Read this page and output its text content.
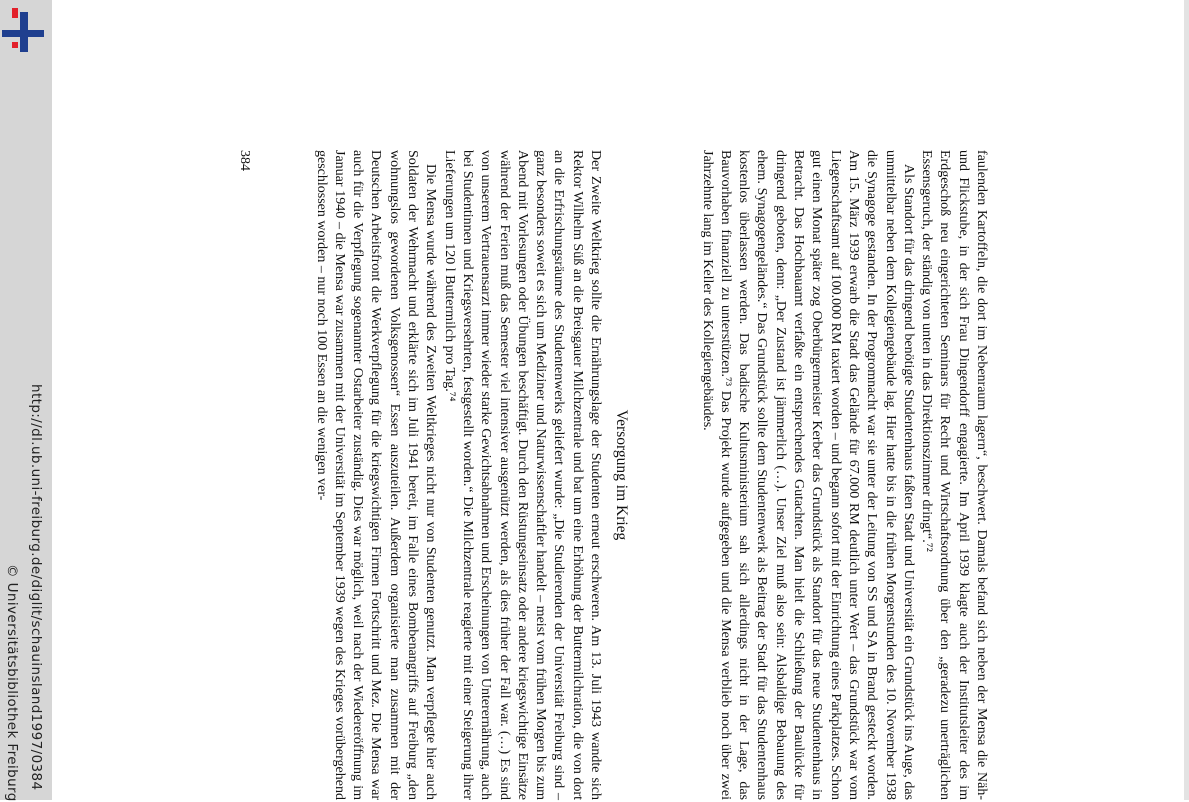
http://dl.ub.uni-freiburg.de/diglit/schauinsland1997/0384
© Universitätsbibliothek Freiburg	faulenden Kartoffeln, die dort im Nebenraum lagern“, beschwert. Damals befand sich neben der Mensa die Näh- und Flickstube, in der sich Frau Dingendorff engagierte. Im April 1939 klagte auch der Institutsleiter des im Erdgeschoß neu eingerichteten Seminars für Recht und Wirtschaftsordnung über den „geradezu unerträglichen Essensgeruch, der ständig von unten in das Direktionszimmer dringt“.⁷²

Als Standort für das dringend benötigte Studentenhaus faßten Stadt und Universität ein Grundstück ins Auge, das unmittelbar neben dem Kollegiengebäude lag. Hier hatte bis in die frühen Morgenstunden des 10. November 1938 die Synagoge gestanden. In der Progromnacht war sie unter der Leitung von SS und SA in Brand gesteckt worden. Am 15. März 1939 erwarb die Stadt das Gelände für 67.000 RM deutlich unter Wert – das Grundstück war vom Liegenschaftsamt auf 100.000 RM taxiert worden – und begann sofort mit der Einrichtung eines Parkplatzes. Schon gut einen Monat später zog Oberbürgermeister Kerber das Grundstück als Standort für das neue Studentenhaus in Betracht. Das Hochbauamt verfaßte ein entsprechendes Gutachten. Man hielt die Schließung der Baulücke für dringend geboten, denn: „Der Zustand ist jämmerlich (…). Unser Ziel muß also sein: Alsbaldige Bebauung des ehem. Synagogengeländes.“ Das Grundstück sollte dem Studentenwerk als Beitrag der Stadt für das Studentenhaus kostenlos überlassen werden. Das badische Kultusministerium sah sich allerdings nicht in der Lage, das Bauvorhaben finanziell zu unterstützen.⁷³ Das Projekt wurde aufgegeben und die Mensa verblieb noch über zwei Jahrzehnte lang im Keller des Kollegiengebäudes.

Versorgung im Krieg

Der Zweite Weltkrieg sollte die Ernährungslage der Studenten erneut erschweren. Am 13. Juli 1943 wandte sich Rektor Wilhelm Süß an die Breisgauer Milchzentrale und bat um eine Erhöhung der Buttermilchration, die von dort an die Erfrischungsräume des Studentenwerks geliefert wurde: „Die Studierenden der Universität Freiburg sind – ganz besonders soweit es sich um Mediziner und Naturwissenschaftler handelt – meist vom frühen Morgen bis zum Abend mit Vorlesungen oder Übungen beschäftigt. Durch den Rüstungseinsatz oder andere kriegswichtige Einsätze während der Ferien muß das Semester viel intensiver ausgenützt werden, als dies früher der Fall war. (…) Es sind von unserem Vertrauensarzt immer wieder starke Gewichtsabnahmen und Erscheinungen von Unterernährung, auch bei Studentinnen und Kriegsversehrten, festgestellt worden.“ Die Milchzentrale reagierte mit einer Steigerung ihrer Lieferungen um 120 l Buttermilch pro Tag.⁷⁴

Die Mensa wurde während des Zweiten Weltkrieges nicht nur von Studenten genutzt. Man verpflegte hier auch Soldaten der Wehrmacht und erklärte sich im Juli 1941 bereit, im Falle eines Bombenangriffs auf Freiburg „den wohnungslos gewordenen Volksgenossen“ Essen auszuteilen. Außerdem organisierte man zusammen mit der Deutschen Arbeitsfront die Werkverpflegung für die kriegswichtigen Firmen Fortschritt und Mez. Die Mensa war auch für die Verpflegung sogenannter Ostarbeiter zuständig. Dies war möglich, weil nach der Wiedereröffnung im Januar 1940 – die Mensa war zusammen mit der Universität im September 1939 wegen des Krieges vorübergehend geschlossen worden – nur noch 100 Essen an die wenigen ver-

384
